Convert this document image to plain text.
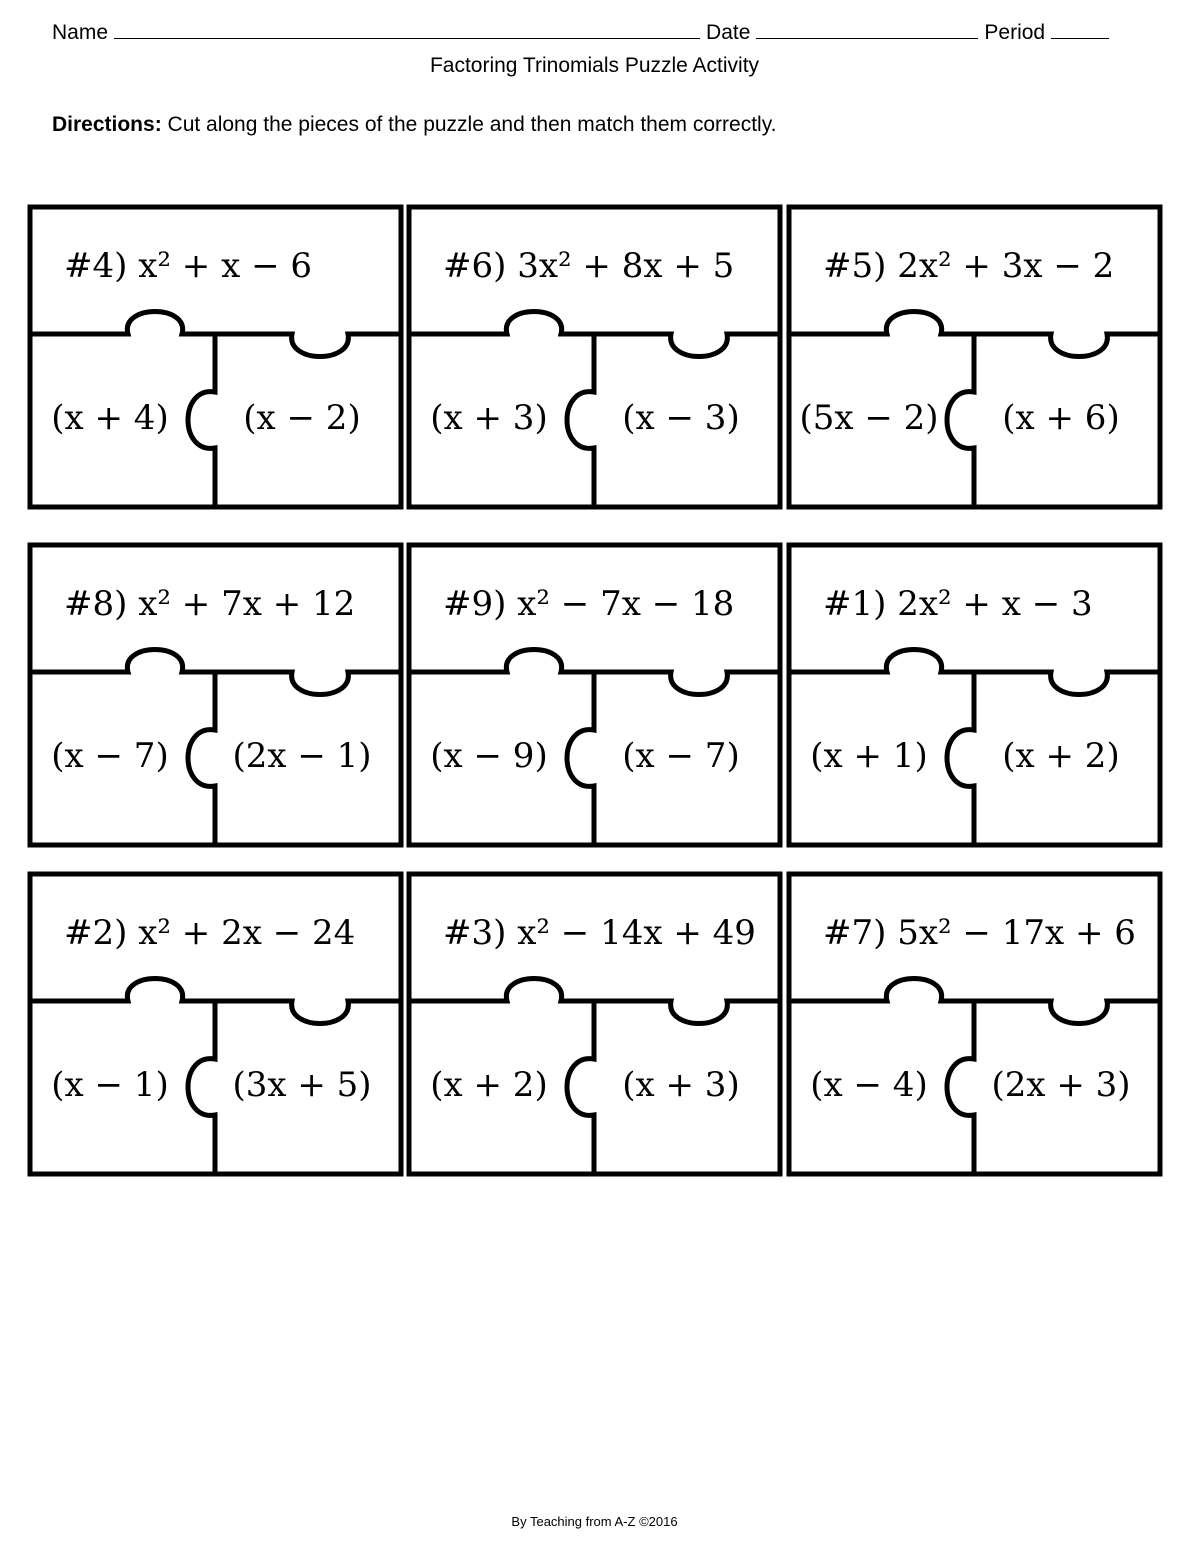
Name	Date	Period
Factoring Trinomials Puzzle Activity
Directions: Cut along the pieces of the puzzle and then match them correctly.
#4) x² + x − 6
(x + 4) (x − 2)
#6) 3x² + 8x + 5
(x + 3) (x − 3)
#5) 2x² + 3x − 2
(5x − 2) (x + 6)
#8) x² + 7x + 12
(x − 7) (2x − 1)
#9) x² − 7x − 18
(x − 9) (x − 7)
#1) 2x² + x − 3
(x + 1) (x + 2)
#2) x² + 2x − 24
(x − 1) (3x + 5)
#3) x² − 14x + 49
(x + 2) (x + 3)
#7) 5x² − 17x + 6
(x − 4) (2x + 3)
By Teaching from A-Z ©2016
